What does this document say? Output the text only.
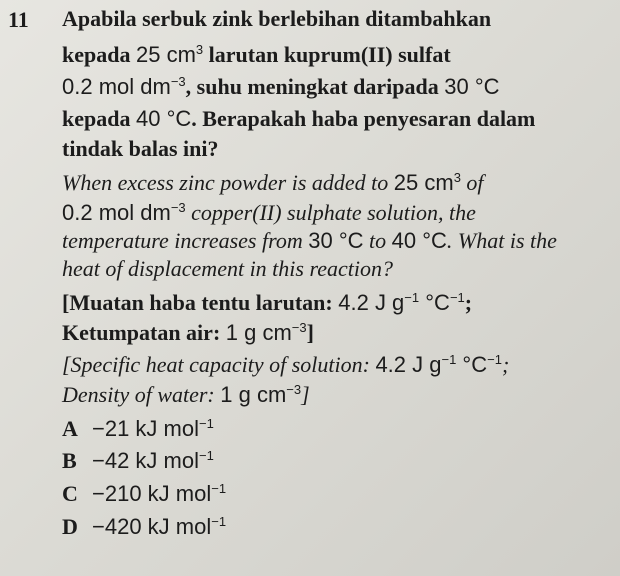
11 Apabila serbuk zink berlebihan ditambahkan
kepada 25 $cm^3$ larutan kuprum(II) sulfat
0.2 mol $dm^{-3}$, suhu meningkat daripada 30 °C
kepada 40 °C. Berapakah haba penyesaran dalam
tindak balas ini?
When excess zinc powder is added to 25 $cm^3$ of
0.2 mol $dm^{-3}$ copper(II) sulphate solution, the
temperature increases from 30 °C to 40 °C. What is the
heat of displacement in this reaction?
[Muatan haba tentu larutan: 4.2 J $g^{-1}$ $^\circ C^{-1}$;
Ketumpatan air: 1 g $cm^{-3}$]
[Specific heat capacity of solution: 4.2 J $g^{-1}$ $^\circ C^{-1}$;
Density of water: 1 g $cm^{-3}$]
A −21 kJ mol$^{-1}$
B −42 kJ mol$^{-1}$
C −210 kJ mol$^{-1}$
D −420 kJ mol$^{-1}$
